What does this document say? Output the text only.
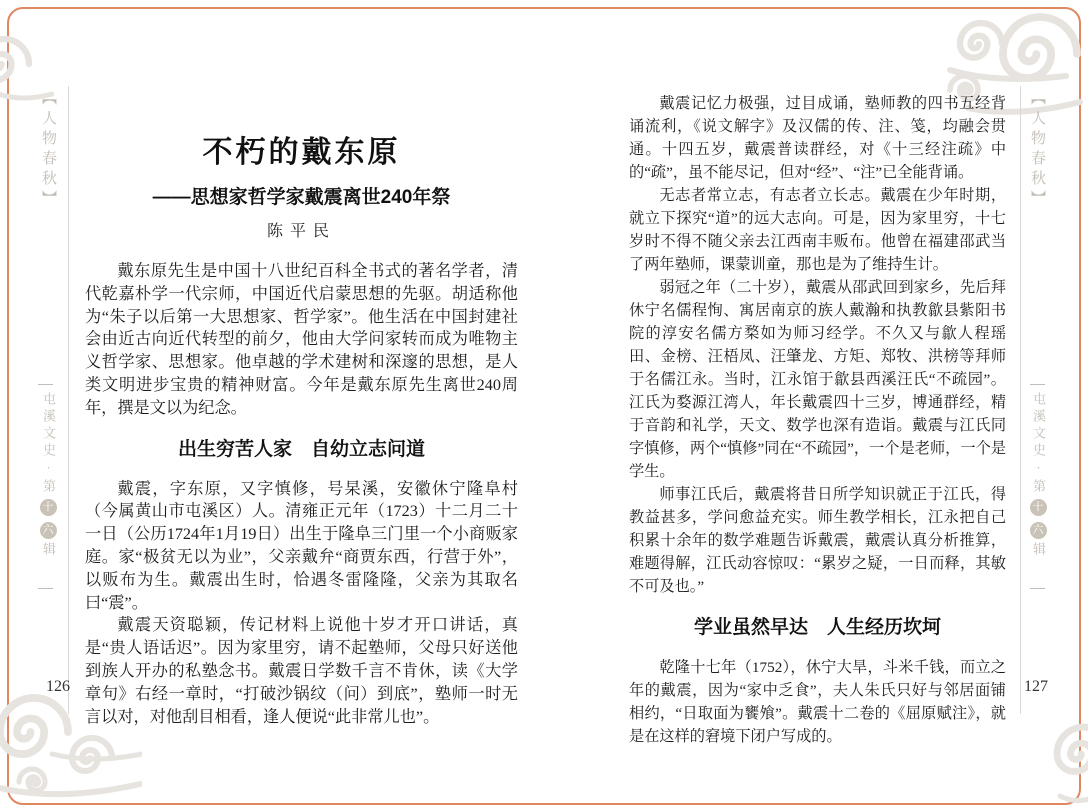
【人物春秋】
屯溪文史·第十六辑
126
不朽的戴东原
——思想家哲学家戴震离世240年祭
陈平民

戴东原先生是中国十八世纪百科全书式的著名学者，清代乾嘉朴学一代宗师，中国近代启蒙思想的先驱。胡适称他为“朱子以后第一大思想家、哲学家”。他生活在中国封建社会由近古向近代转型的前夕，他由大学问家转而成为唯物主义哲学家、思想家。他卓越的学术建树和深邃的思想，是人类文明进步宝贵的精神财富。今年是戴东原先生离世240周年，撰是文以为纪念。

出生穷苦人家　自幼立志问道

戴震，字东原，又字慎修，号杲溪，安徽休宁隆阜村（今属黄山市屯溪区）人。清雍正元年（1723）十二月二十一日（公历1724年1月19日）出生于隆阜三门里一个小商贩家庭。家“极贫无以为业”，父亲戴弁“商贾东西，行营于外”，以贩布为生。戴震出生时，恰遇冬雷隆隆，父亲为其取名曰“震”。

戴震天资聪颖，传记材料上说他十岁才开口讲话，真是“贵人语话迟”。因为家里穷，请不起塾师，父母只好送他到族人开办的私塾念书。戴震日学数千言不肯休，读《大学章句》右经一章时，“打破沙锅纹（问）到底”，塾师一时无言以对，对他刮目相看，逢人便说“此非常儿也”。

【人物春秋】
屯溪文史·第十六辑
127

戴震记忆力极强，过目成诵，塾师教的四书五经背诵流利，《说文解字》及汉儒的传、注、笺，均融会贯通。十四五岁，戴震普读群经，对《十三经注疏》中的“疏”，虽不能尽记，但对“经”、“注”已全能背诵。

无志者常立志，有志者立长志。戴震在少年时期，就立下探究“道”的远大志向。可是，因为家里穷，十七岁时不得不随父亲去江西南丰贩布。他曾在福建邵武当了两年塾师，课蒙训童，那也是为了维持生计。

弱冠之年（二十岁），戴震从邵武回到家乡，先后拜休宁名儒程恂、寓居南京的族人戴瀚和执教歙县紫阳书院的淳安名儒方楘如为师习经学。不久又与歙人程瑶田、金榜、汪梧凤、汪肇龙、方矩、郑牧、洪榜等拜师于名儒江永。当时，江永馆于歙县西溪汪氏“不疏园”。江氏为婺源江湾人，年长戴震四十三岁，博通群经，精于音韵和礼学，天文、数学也深有造诣。戴震与江氏同字慎修，两个“慎修”同在“不疏园”，一个是老师，一个是学生。

师事江氏后，戴震将昔日所学知识就正于江氏，得教益甚多，学问愈益充实。师生教学相长，江永把自己积累十余年的数学难题告诉戴震，戴震认真分析推算，难题得解，江氏动容惊叹：“累岁之疑，一日而释，其敏不可及也。”

学业虽然早达　人生经历坎坷

乾隆十七年（1752），休宁大旱，斗米千钱，而立之年的戴震，因为“家中乏食”，夫人朱氏只好与邻居面铺相约，“日取面为饔飧”。戴震十二卷的《屈原赋注》，就是在这样的窘境下闭户写成的。
